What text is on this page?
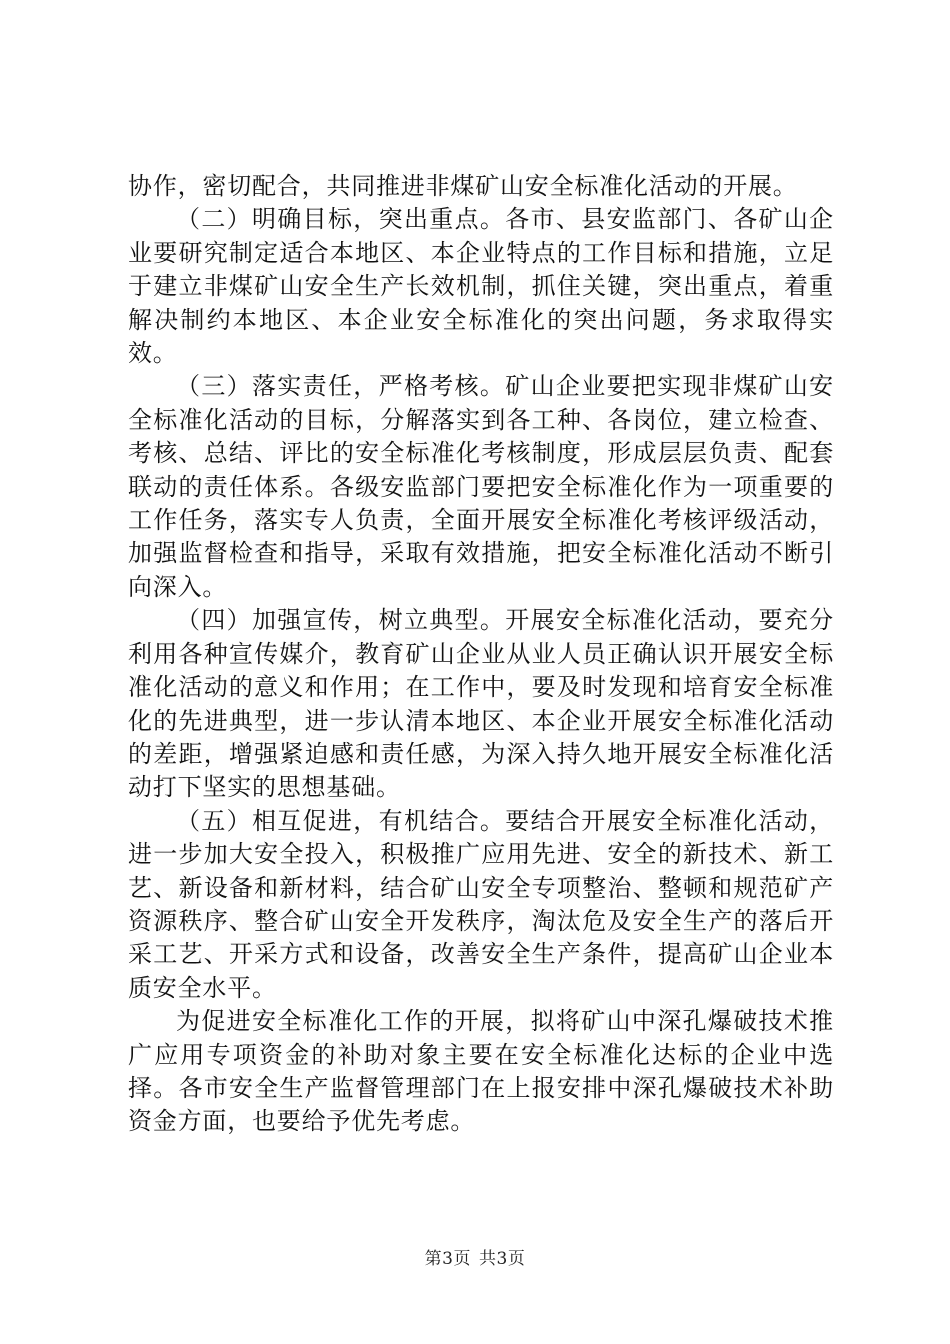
协作，密切配合，共同推进非煤矿山安全标准化活动的开展。

（二）明确目标，突出重点。各市、县安监部门、各矿山企业要研究制定适合本地区、本企业特点的工作目标和措施，立足于建立非煤矿山安全生产长效机制，抓住关键，突出重点，着重解决制约本地区、本企业安全标准化的突出问题，务求取得实效。

（三）落实责任，严格考核。矿山企业要把实现非煤矿山安全标准化活动的目标，分解落实到各工种、各岗位，建立检查、考核、总结、评比的安全标准化考核制度，形成层层负责、配套联动的责任体系。各级安监部门要把安全标准化作为一项重要的工作任务，落实专人负责，全面开展安全标准化考核评级活动，加强监督检查和指导，采取有效措施，把安全标准化活动不断引向深入。

（四）加强宣传，树立典型。开展安全标准化活动，要充分利用各种宣传媒介，教育矿山企业从业人员正确认识开展安全标准化活动的意义和作用；在工作中，要及时发现和培育安全标准化的先进典型，进一步认清本地区、本企业开展安全标准化活动的差距，增强紧迫感和责任感，为深入持久地开展安全标准化活动打下坚实的思想基础。

（五）相互促进，有机结合。要结合开展安全标准化活动，进一步加大安全投入，积极推广应用先进、安全的新技术、新工艺、新设备和新材料，结合矿山安全专项整治、整顿和规范矿产资源秩序、整合矿山安全开发秩序，淘汰危及安全生产的落后开采工艺、开采方式和设备，改善安全生产条件，提高矿山企业本质安全水平。

为促进安全标准化工作的开展，拟将矿山中深孔爆破技术推广应用专项资金的补助对象主要在安全标准化达标的企业中选择。各市安全生产监督管理部门在上报安排中深孔爆破技术补助资金方面，也要给予优先考虑。

第3页 共3页
